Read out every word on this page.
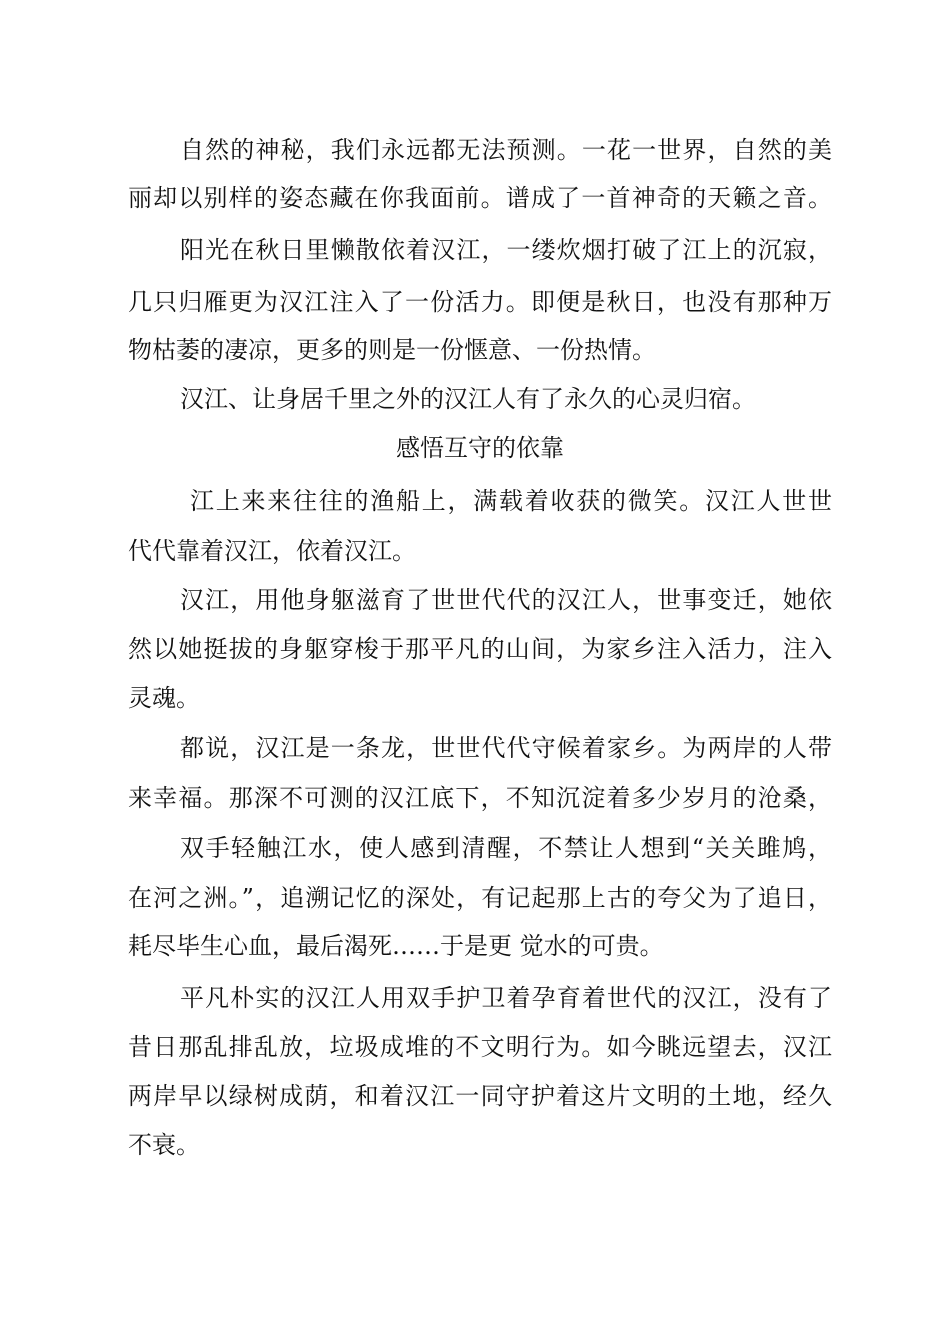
自然的神秘，我们永远都无法预测。一花一世界，自然的美

丽却以别样的姿态藏在你我面前。谱成了一首神奇的天籁之音。

阳光在秋日里懒散依着汉江，一缕炊烟打破了江上的沉寂，

几只归雁更为汉江注入了一份活力。即便是秋日，也没有那种万

物枯萎的凄凉，更多的则是一份惬意、一份热情。

汉江、让身居千里之外的汉江人有了永久的心灵归宿。

感悟互守的依靠

江上来来往往的渔船上，满载着收获的微笑。汉江人世世

代代靠着汉江，依着汉江。

汉江，用他身躯滋育了世世代代的汉江人，世事变迁，她依

然以她挺拔的身躯穿梭于那平凡的山间，为家乡注入活力，注入

灵魂。

都说，汉江是一条龙，世世代代守候着家乡。为两岸的人带

来幸福。那深不可测的汉江底下，不知沉淀着多少岁月的沧桑，

双手轻触江水，使人感到清醒，不禁让人想到“关关雎鸠，

在河之洲。”，追溯记忆的深处，有记起那上古的夸父为了追日，

耗尽毕生心血，最后渴死……于是更 觉水的可贵。

平凡朴实的汉江人用双手护卫着孕育着世代的汉江，没有了

昔日那乱排乱放，垃圾成堆的不文明行为。如今眺远望去，汉江

两岸早以绿树成荫，和着汉江一同守护着这片文明的土地，经久

不衰。
